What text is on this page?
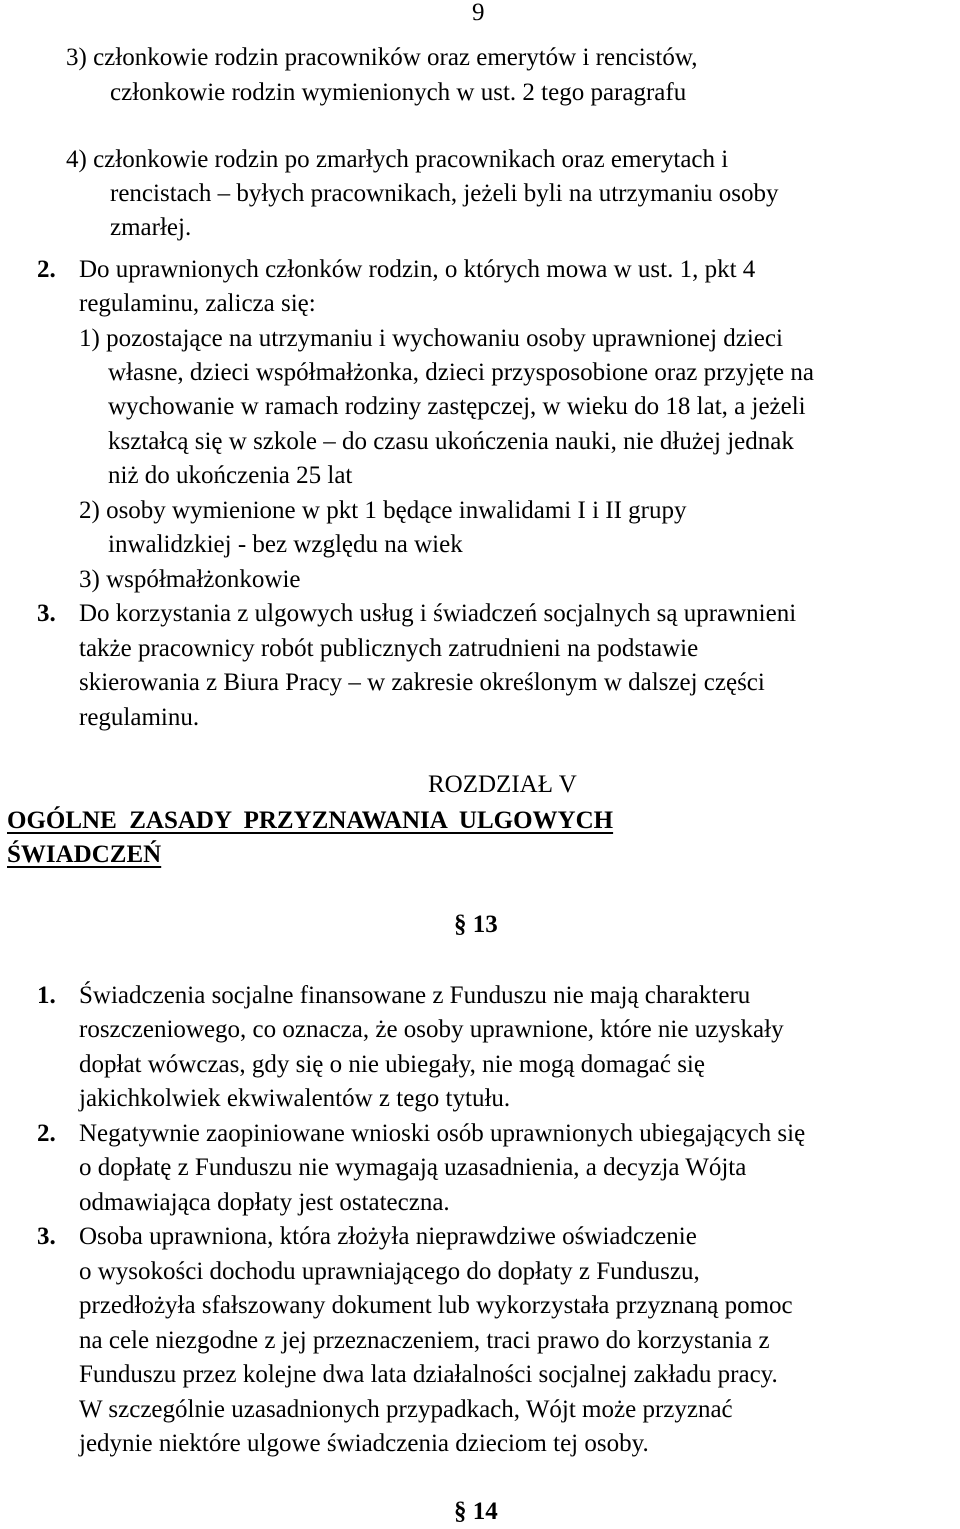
9
3) członkowie rodzin pracowników oraz emerytów i rencistów,
członkowie rodzin wymienionych w ust. 2 tego paragrafu
4) członkowie rodzin po zmarłych pracownikach oraz emerytach i
rencistach – byłych pracownikach, jeżeli byli na utrzymaniu osoby
zmarłej.
2. Do uprawnionych członków rodzin, o których mowa w ust. 1, pkt 4
regulaminu, zalicza się:
1) pozostające na utrzymaniu i wychowaniu osoby uprawnionej dzieci
własne, dzieci współmałżonka, dzieci przysposobione oraz przyjęte na
wychowanie w ramach rodziny zastępczej, w wieku do 18 lat, a jeżeli
kształcą się w szkole – do czasu ukończenia nauki, nie dłużej jednak
niż do ukończenia 25 lat
2) osoby wymienione w pkt 1 będące inwalidami I i II grupy
inwalidzkiej - bez względu na wiek
3) współmałżonkowie
3. Do korzystania z ulgowych usług i świadczeń socjalnych są uprawnieni
także pracownicy robót publicznych zatrudnieni na podstawie
skierowania z Biura Pracy – w zakresie określonym w dalszej części
regulaminu.
ROZDZIAŁ V
OGÓLNE  ZASADY  PRZYZNAWANIA  ULGOWYCH
ŚWIADCZEŃ
§ 13
1. Świadczenia socjalne finansowane z Funduszu nie mają charakteru
roszczeniowego, co oznacza, że osoby uprawnione, które nie uzyskały
dopłat wówczas, gdy się o nie ubiegały, nie mogą domagać się
jakichkolwiek ekwiwalentów z tego tytułu.
2. Negatywnie zaopiniowane wnioski osób uprawnionych ubiegających się
o dopłatę z Funduszu nie wymagają uzasadnienia, a decyzja Wójta
odmawiająca dopłaty jest ostateczna.
3. Osoba uprawniona, która złożyła nieprawdziwe oświadczenie
o wysokości dochodu uprawniającego do dopłaty z Funduszu,
przedłożyła sfałszowany dokument lub wykorzystała przyznaną pomoc
na cele niezgodne z jej przeznaczeniem, traci prawo do korzystania z
Funduszu przez kolejne dwa lata działalności socjalnej zakładu pracy.
W szczególnie uzasadnionych przypadkach, Wójt może przyznać
jedynie niektóre ulgowe świadczenia dzieciom tej osoby.
§ 14
